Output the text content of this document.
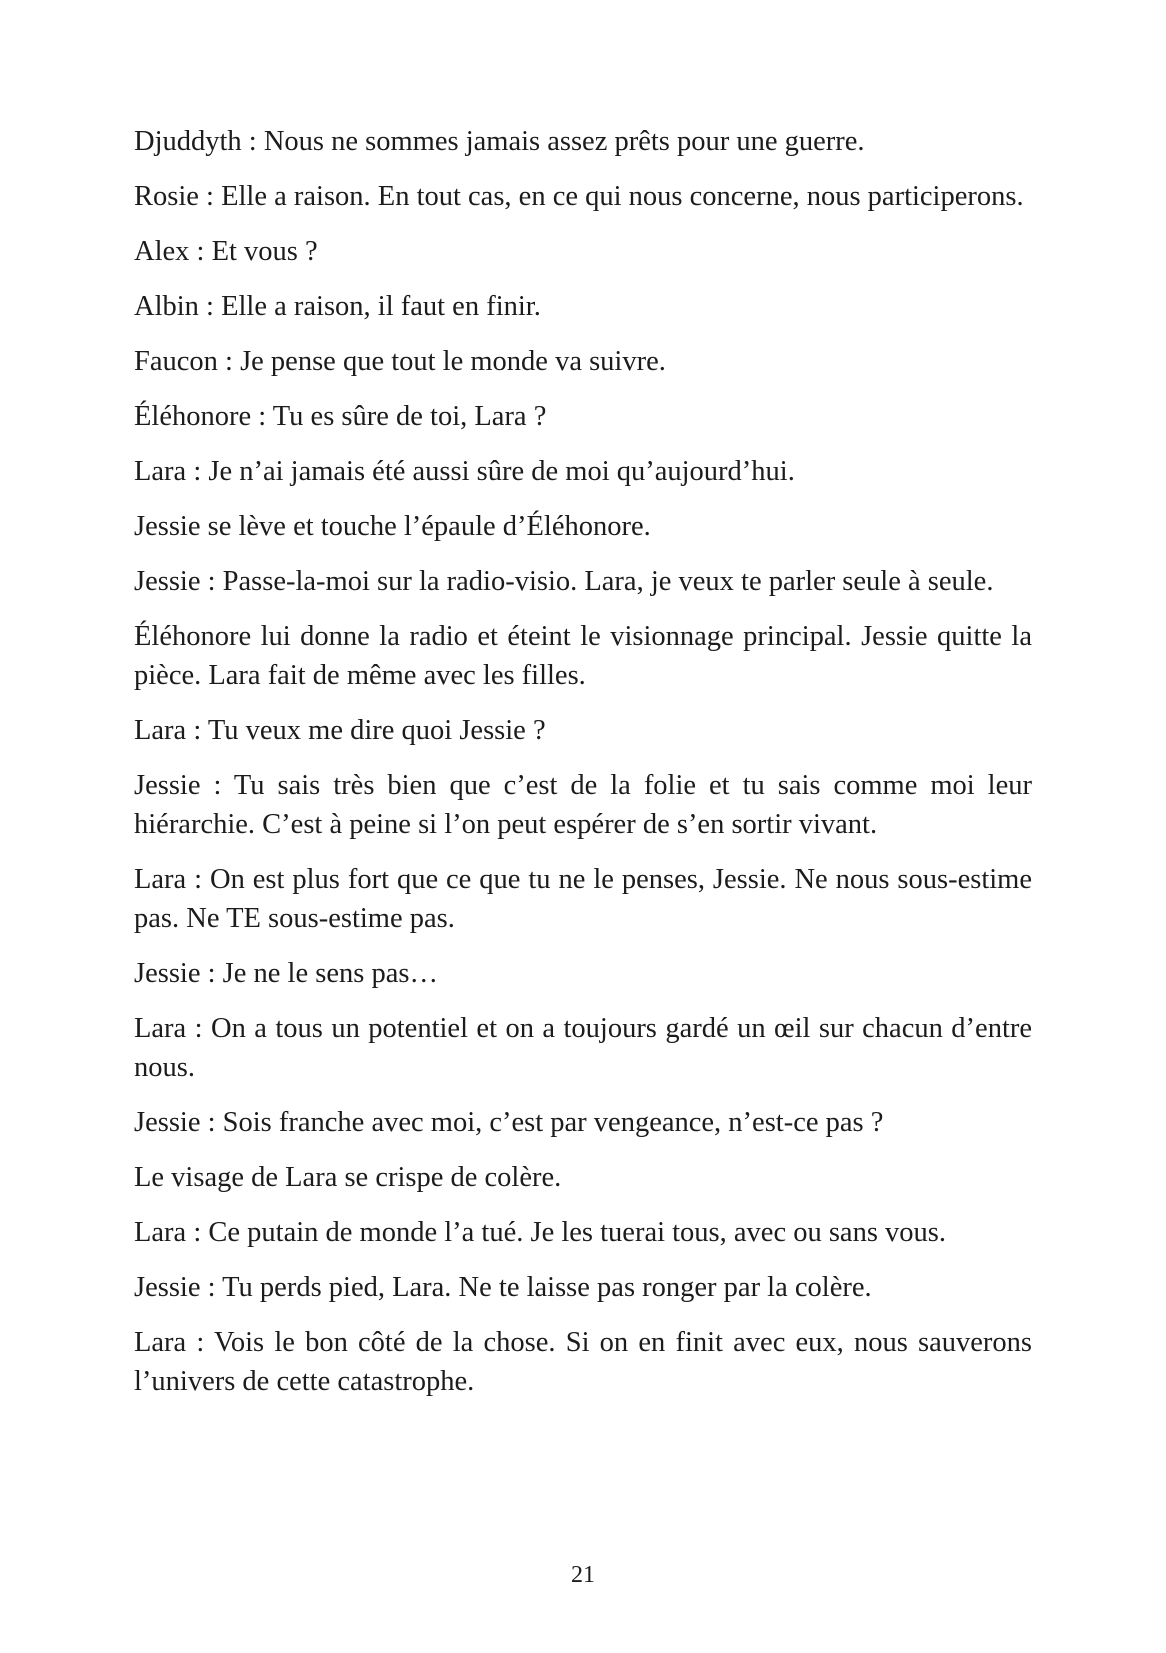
Djuddyth : Nous ne sommes jamais assez prêts pour une guerre.

Rosie : Elle a raison. En tout cas, en ce qui nous concerne, nous participerons.

Alex : Et vous ?

Albin : Elle a raison, il faut en finir.

Faucon : Je pense que tout le monde va suivre.

Éléhonore : Tu es sûre de toi, Lara ?

Lara : Je n’ai jamais été aussi sûre de moi qu’aujourd’hui.

Jessie se lève et touche l’épaule d’Éléhonore.

Jessie : Passe-la-moi sur la radio-visio. Lara, je veux te parler seule à seule.

Éléhonore lui donne la radio et éteint le visionnage principal. Jessie quitte la pièce. Lara fait de même avec les filles.

Lara : Tu veux me dire quoi Jessie ?

Jessie : Tu sais très bien que c’est de la folie et tu sais comme moi leur hiérarchie. C’est à peine si l’on peut espérer de s’en sortir vivant.

Lara : On est plus fort que ce que tu ne le penses, Jessie. Ne nous sous-estime pas. Ne TE sous-estime pas.

Jessie : Je ne le sens pas…

Lara : On a tous un potentiel et on a toujours gardé un œil sur chacun d’entre nous.

Jessie : Sois franche avec moi, c’est par vengeance, n’est-ce pas ?

Le visage de Lara se crispe de colère.

Lara : Ce putain de monde l’a tué. Je les tuerai tous, avec ou sans vous.

Jessie : Tu perds pied, Lara. Ne te laisse pas ronger par la colère.

Lara : Vois le bon côté de la chose. Si on en finit avec eux, nous sauverons l’univers de cette catastrophe.

21
